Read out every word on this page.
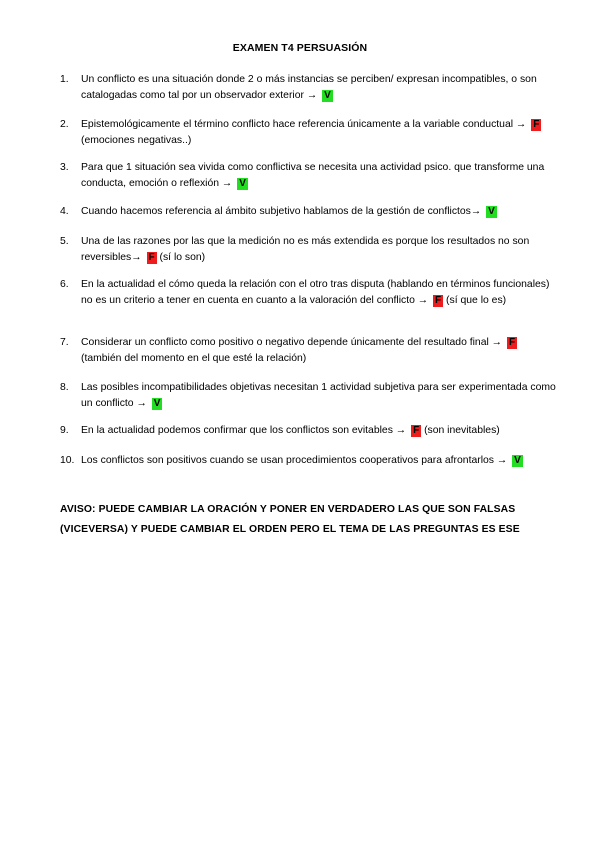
EXAMEN T4 PERSUASIÓN
1.	Un conflicto es una situación donde 2 o más instancias se perciben/ expresan incompatibles, o son catalogadas como tal por un observador exterior → V
2.	Epistemológicamente el término conflicto hace referencia únicamente a la variable conductual → F (emociones negativas..)
3.	Para que 1 situación sea vivida como conflictiva se necesita una actividad psico. que transforme una conducta, emoción o reflexión → V
4.	Cuando hacemos referencia al ámbito subjetivo hablamos de la gestión de conflictos→ V
5.	Una de las razones por las que la medición no es más extendida es porque los resultados no son reversibles→ F (sí lo son)
6.	En la actualidad el cómo queda la relación con el otro tras disputa (hablando en términos funcionales) no es un criterio a tener en cuenta en cuanto a la valoración del conflicto → F (sí que lo es)
7.	Considerar un conflicto como positivo o negativo depende únicamente del resultado final → F (también del momento en el que esté la relación)
8.	Las posibles incompatibilidades objetivas necesitan 1 actividad subjetiva para ser experimentada como un conflicto → V
9.	En la actualidad podemos confirmar que los conflictos son evitables → F (son inevitables)
10. Los conflictos son positivos cuando se usan procedimientos cooperativos para afrontarlos → V
AVISO: PUEDE CAMBIAR LA ORACIÓN Y PONER EN VERDADERO LAS QUE SON FALSAS (VICEVERSA) Y PUEDE CAMBIAR EL ORDEN PERO EL TEMA DE LAS PREGUNTAS ES ESE
